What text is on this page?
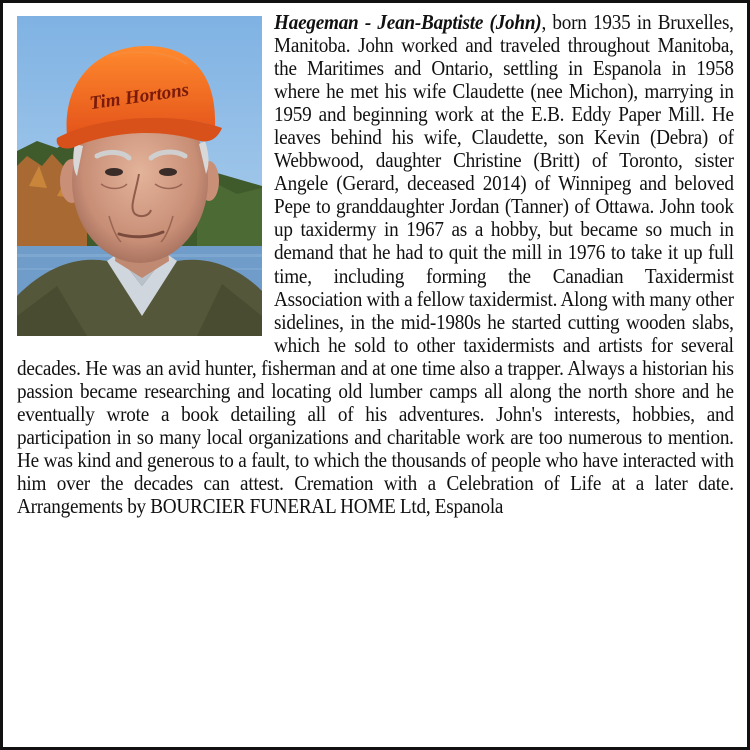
Tim Hortons
Haegeman - Jean-Baptiste (John), born 1935 in Bruxelles, Manitoba. John worked and traveled throughout Manitoba, the Maritimes and Ontario, settling in Espanola in 1958 where he met his wife Claudette (nee Michon), marrying in 1959 and beginning work at the E.B. Eddy Paper Mill. He leaves behind his wife, Claudette, son Kevin (Debra) of Webbwood, daughter Christine (Britt) of Toronto, sister Angele (Gerard, deceased 2014) of Winnipeg and beloved Pepe to granddaughter Jordan (Tanner) of Ottawa. John took up taxidermy in 1967 as a hobby, but became so much in demand that he had to quit the mill in 1976 to take it up full time, including forming the Canadian Taxidermist Association with a fellow taxidermist. Along with many other sidelines, in the mid-1980s he started cutting wooden slabs, which he sold to other taxidermists and artists for several decades. He was an avid hunter, fisherman and at one time also a trapper. Always a historian his passion became researching and locating old lumber camps all along the north shore and he eventually wrote a book detailing all of his adventures. John's interests, hobbies, and participation in so many local organizations and charitable work are too numerous to mention. He was kind and generous to a fault, to which the thousands of people who have interacted with him over the decades can attest. Cremation with a Celebration of Life at a later date. Arrangements by BOURCIER FUNERAL HOME Ltd, Espanola
